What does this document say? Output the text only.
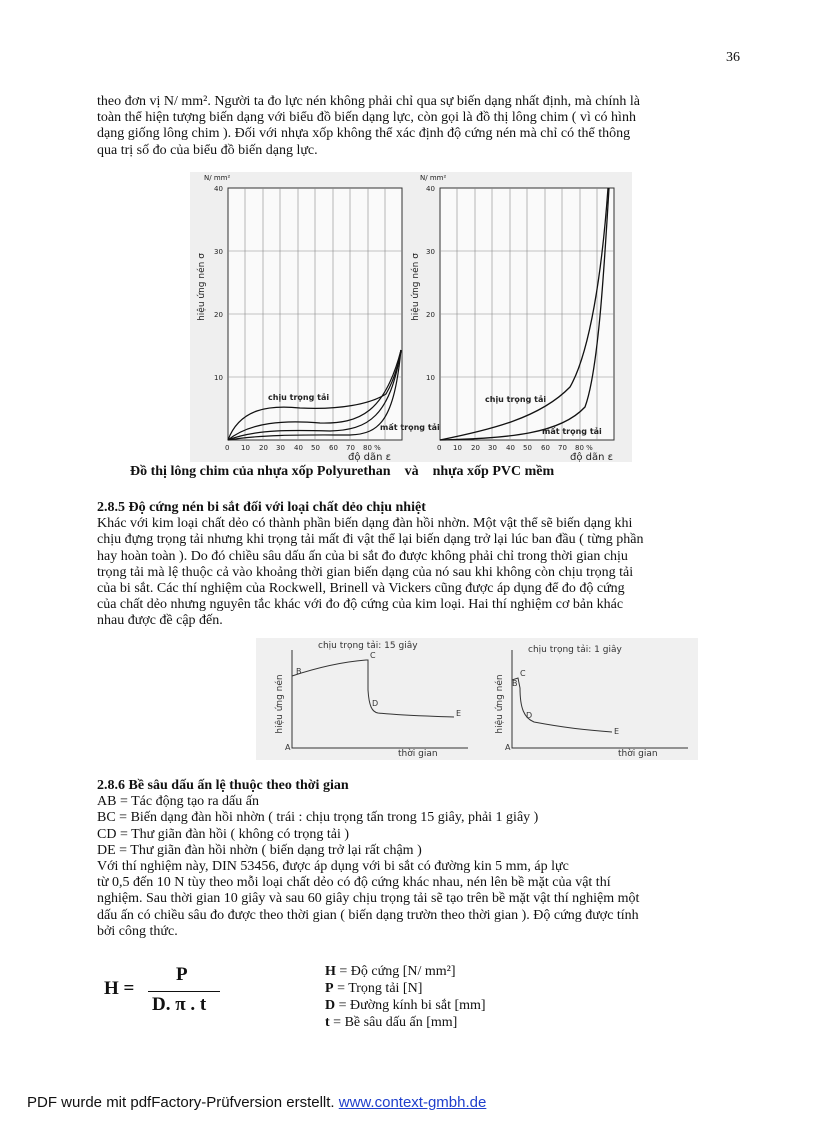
36

theo đơn vị N/ mm². Người ta đo lực nén không phải chỉ qua sự biến dạng nhất định, mà chính là
toàn thể hiện tượng biến dạng với biểu đồ biến dạng lực, còn gọi là đồ thị lông chim ( vì có hình
dạng giống lông chim ). Đối với nhựa xốp không thể xác định độ cứng nén mà chỉ có thể thông
qua trị số đo của biểu đồ biến dạng lực.

N/ mm²
40
30
20
10
0 10 20 30 40 50 60 70 80 %
độ dãn ε
hiệu ứng nén σ
chịu trọng tải
mất trọng tải
N/ mm²
40
30
20
10
0 10 20 30 40 50 60 70 80 %
độ dãn ε
hiệu ứng nén σ
chịu trọng tải
mất trọng tải
Đồ thị lông chim của nhựa xốp Polyurethan    và    nhựa xốp PVC mềm

2.8.5 Độ cứng nén bi sắt đối với loại chất dẻo chịu nhiệt
Khác với kim loại chất dẻo có thành phần biến dạng đàn hồi nhờn. Một vật thể sẽ biến dạng khi
chịu đựng trọng tải nhưng khi trọng tải mất đi vật thể lại biến dạng trở lại lúc ban đầu ( từng phần
hay hoàn toàn ). Do đó chiều sâu dấu ấn của bi sắt đo được không phải chỉ trong thời gian chịu
trọng tải mà lệ thuộc cả vào khoảng thời gian biến dạng của nó sau khi không còn chịu trọng tải
của bi sắt. Các thí nghiệm của Rockwell, Brinell và Vickers cũng được áp dụng để đo độ cứng
của chất dẻo nhưng nguyên tắc khác với đo độ cứng của kim loại. Hai thí nghiệm cơ bản khác
nhau được đề cập đến.

chịu trọng tải: 15 giây	chịu trọng tải: 1 giây
hiệu ứng nén	hiệu ứng nén
thời gian	thời gian
A
B
C
D
E
A
B
C
D
E

2.8.6 Bề sâu dấu ấn lệ thuộc theo thời gian
AB = Tác động tạo ra dấu ấn
BC = Biến dạng đàn hồi nhờn ( trái : chịu trọng tấn trong 15 giây, phải 1 giây )
CD = Thư giãn đàn hồi ( không có trọng tải )
DE = Thư giãn đàn hồi nhờn ( biến dạng trở lại rất chậm )
Với thí nghiệm này, DIN 53456, được áp dụng với bi sắt có đường kin 5 mm, áp lực
từ 0,5 đến 10 N tùy theo mỗi loại chất dẻo có độ cứng khác nhau, nén lên bề mặt của vật thí
nghiệm. Sau thời gian 10 giây và sau 60 giây chịu trọng tải sẽ tạo trên bề mặt vật thí nghiệm một
dấu ấn có chiều sâu đo được theo thời gian ( biến dạng trườn theo thời gian ). Độ cứng được tính
bởi công thức.

H =
P
D. π . t
H = Độ cứng [N/ mm²]
P = Trọng tải [N]
D = Đường kính bi sắt [mm]
t = Bề sâu dấu ấn [mm]
PDF wurde mit pdfFactory-Prüfversion erstellt. www.context-gmbh.de
